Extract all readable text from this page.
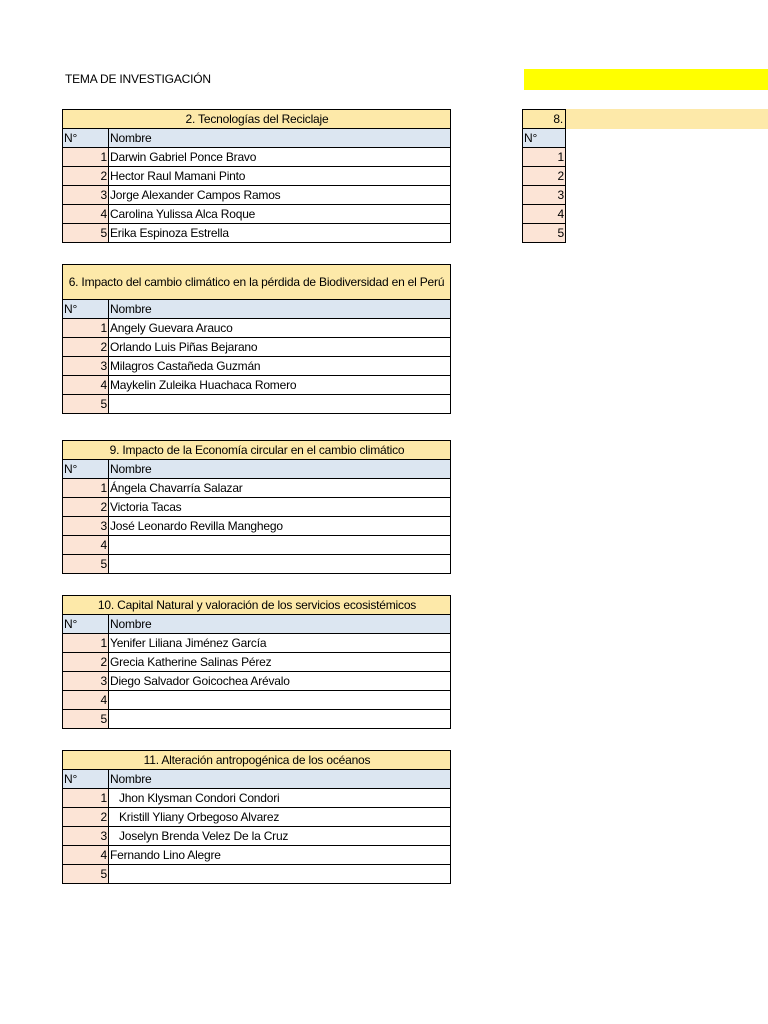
TEMA DE INVESTIGACIÓN
2. Tecnologías del Reciclaje	
N°	Nombre
1	Darwin Gabriel Ponce Bravo
2	Hector Raul Mamani Pinto
3	Jorge Alexander Campos Ramos
4	Carolina Yulissa Alca Roque
5	Erika Espinoza Estrella
6. Impacto del cambio climático en la pérdida de Biodiversidad en el Perú	
N°	Nombre
1	Angely Guevara Arauco
2	Orlando Luis Piñas Bejarano
3	Milagros Castañeda Guzmán
4	Maykelin Zuleika Huachaca Romero
5	
9. Impacto de la Economía circular en el cambio climático	
N°	Nombre
1	Ángela Chavarría Salazar
2	Victoria Tacas
3	José Leonardo Revilla Manghego
4	
5	
10. Capital Natural y valoración de los servicios ecosistémicos	
N°	Nombre
1	Yenifer Liliana Jiménez García
2	Grecia Katherine Salinas Pérez
3	Diego Salvador Goicochea Arévalo
4	
5	
11. Alteración antropogénica de los océanos	
N°	Nombre
1	Jhon Klysman Condori Condori
2	Kristill Yliany Orbegoso Alvarez
3	Joselyn Brenda Velez De la Cruz
4	Fernando Lino Alegre
5	
8.
N°
1
2
3
4
5
